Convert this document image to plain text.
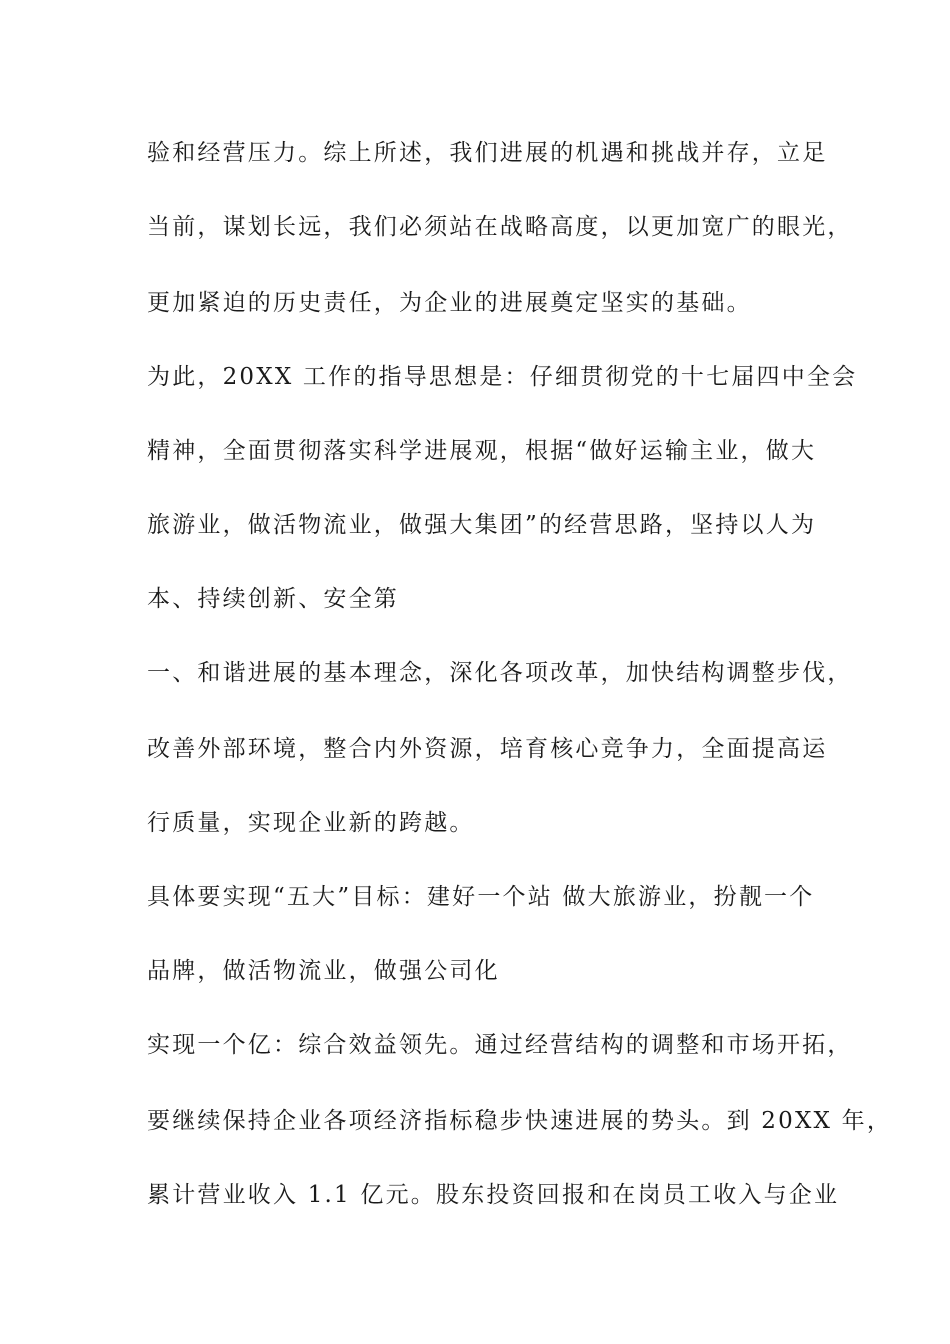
验和经营压力。综上所述，我们进展的机遇和挑战并存，立足
当前，谋划长远，我们必须站在战略高度，以更加宽广的眼光，
更加紧迫的历史责任，为企业的进展奠定坚实的基础。
为此，20XX 工作的指导思想是：仔细贯彻党的十七届四中全会
精神，全面贯彻落实科学进展观，根据“做好运输主业，做大
旅游业，做活物流业，做强大集团”的经营思路，坚持以人为
本、持续创新、安全第
一、和谐进展的基本理念，深化各项改革，加快结构调整步伐，
改善外部环境，整合内外资源，培育核心竞争力，全面提高运
行质量，实现企业新的跨越。
具体要实现“五大”目标：建好一个站 做大旅游业，扮靓一个
品牌，做活物流业，做强公司化
实现一个亿：综合效益领先。通过经营结构的调整和市场开拓，
要继续保持企业各项经济指标稳步快速进展的势头。到 20XX 年，
累计营业收入 1.1 亿元。股东投资回报和在岗员工收入与企业
